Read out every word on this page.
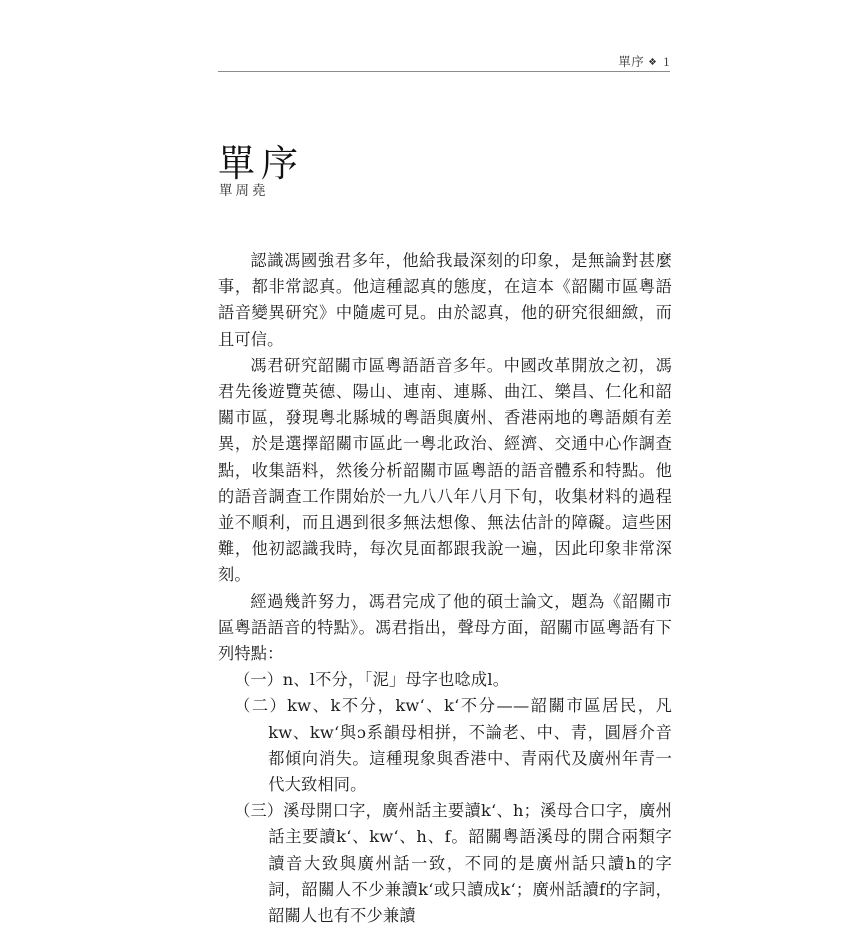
單序 ❖ 1
單序
單周堯

認識馮國強君多年，他給我最深刻的印象，是無論對甚麼事，都非常認真。他這種認真的態度，在這本《韶關市區粵語語音變異研究》中隨處可見。由於認真，他的研究很細緻，而且可信。

馮君研究韶關市區粵語語音多年。中國改革開放之初，馮君先後遊覽英德、陽山、連南、連縣、曲江、樂昌、仁化和韶關市區，發現粵北縣城的粵語與廣州、香港兩地的粵語頗有差異，於是選擇韶關市區此一粵北政治、經濟、交通中心作調查點，收集語料，然後分析韶關市區粵語的語音體系和特點。他的語音調查工作開始於一九八八年八月下旬，收集材料的過程並不順利，而且遇到很多無法想像、無法估計的障礙。這些困難，他初認識我時，每次見面都跟我說一遍，因此印象非常深刻。

經過幾許努力，馮君完成了他的碩士論文，題為《韶關市區粵語語音的特點》。馮君指出，聲母方面，韶關市區粵語有下列特點：

（一）n、l不分，「泥」母字也唸成l。
（二）kw、k不分，kwʻ、kʻ不分——韶關市區居民，凡kw、kwʻ與ɔ系韻母相拼，不論老、中、青，圓唇介音都傾向消失。這種現象與香港中、青兩代及廣州年青一代大致相同。
（三）溪母開口字，廣州話主要讀kʻ、h；溪母合口字，廣州話主要讀kʻ、kwʻ、h、f。韶關粵語溪母的開合兩類字讀音大致與廣州話一致，不同的是廣州話只讀h的字詞，韶關人不少兼讀kʻ或只讀成kʻ；廣州話讀f的字詞，韶關人也有不少兼讀
